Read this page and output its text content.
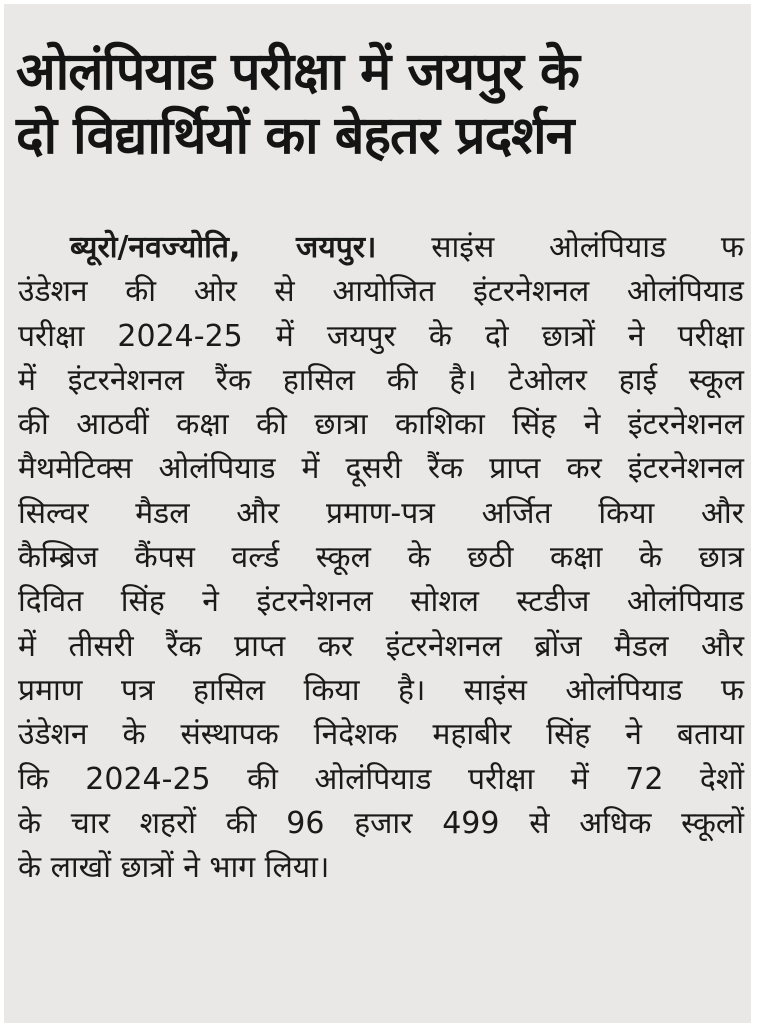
ओलंपियाड परीक्षा में जयपुर के
दो विद्यार्थियों का बेहतर प्रदर्शन
ब्यूरो/नवज्योति, जयपुर। साइंस ओलंपियाड फ
उंडेशन की ओर से आयोजित इंटरनेशनल ओलंपियाड
परीक्षा 2024-25 में जयपुर के दो छात्रों ने परीक्षा
में इंटरनेशनल रैंक हासिल की है। टेओलर हाई स्कूल
की आठवीं कक्षा की छात्रा काशिका सिंह ने इंटरनेशनल
मैथमेटिक्स ओलंपियाड में दूसरी रैंक प्राप्त कर इंटरनेशनल
सिल्वर मैडल और प्रमाण-पत्र अर्जित किया और
कैम्ब्रिज कैंपस वर्ल्ड स्कूल के छठी कक्षा के छात्र
दिवित सिंह ने इंटरनेशनल सोशल स्टडीज ओलंपियाड
में तीसरी रैंक प्राप्त कर इंटरनेशनल ब्रोंज मैडल और
प्रमाण पत्र हासिल किया है। साइंस ओलंपियाड फ
उंडेशन के संस्थापक निदेशक महाबीर सिंह ने बताया
कि 2024-25 की ओलंपियाड परीक्षा में 72 देशों
के चार शहरों की 96 हजार 499 से अधिक स्कूलों
के लाखों छात्रों ने भाग लिया।
